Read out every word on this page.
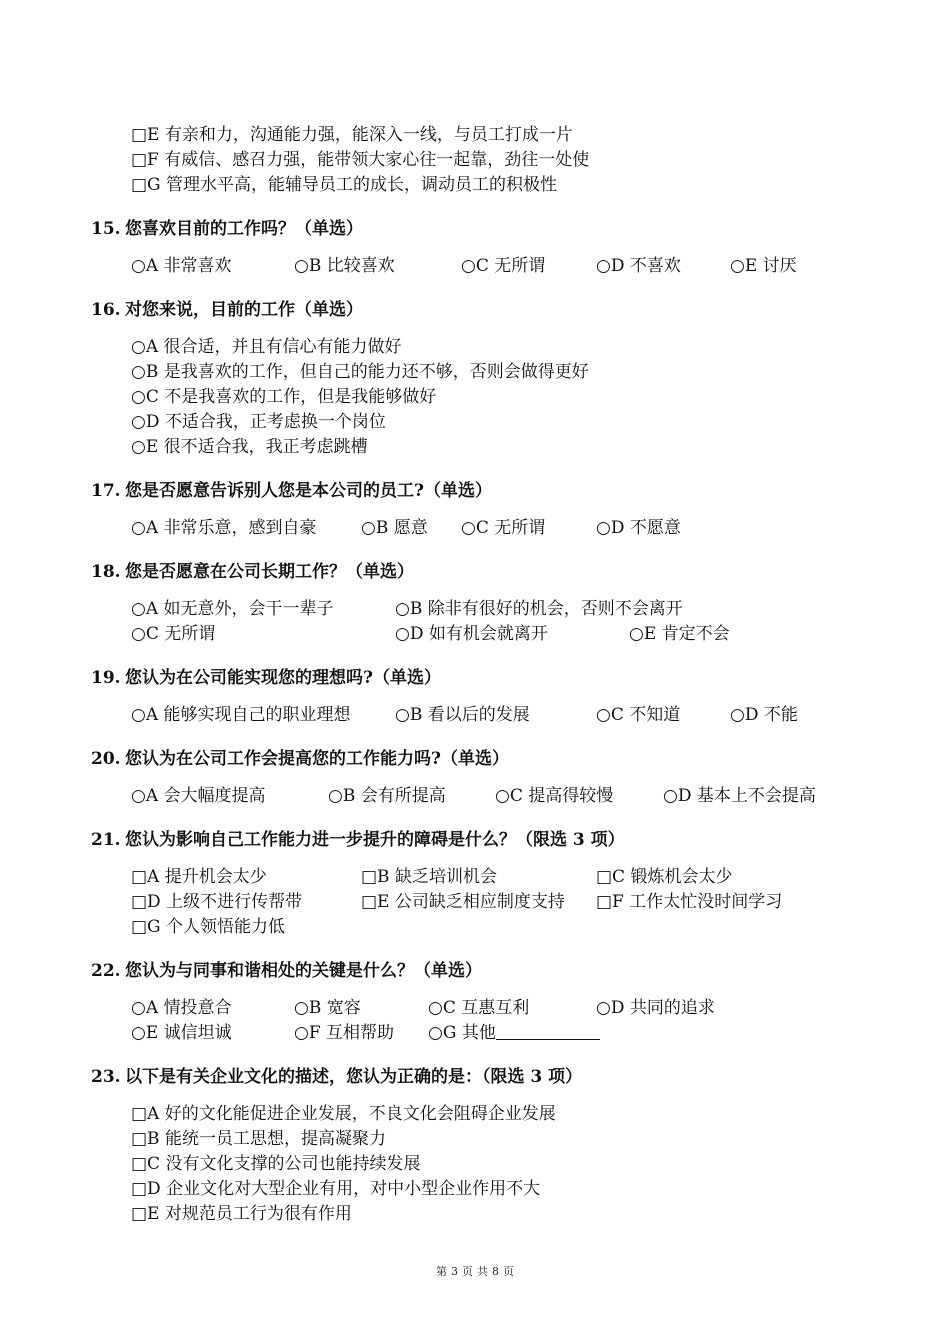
□E 有亲和力，沟通能力强，能深入一线，与员工打成一片
□F 有威信、感召力强，能带领大家心往一起靠，劲往一处使
□G 管理水平高，能辅导员工的成长，调动员工的积极性
15. 您喜欢目前的工作吗？（单选）
○A 非常喜欢	○B 比较喜欢	○C 无所谓	○D 不喜欢	○E 讨厌
16. 对您来说，目前的工作（单选）
○A 很合适，并且有信心有能力做好
○B 是我喜欢的工作，但自己的能力还不够，否则会做得更好
○C 不是我喜欢的工作，但是我能够做好
○D 不适合我，正考虑换一个岗位
○E 很不适合我，我正考虑跳槽
17. 您是否愿意告诉别人您是本公司的员工?（单选）
○A 非常乐意，感到自豪	○B 愿意 ○C 无所谓	○D 不愿意
18. 您是否愿意在公司长期工作？（单选）
○A 如无意外，会干一辈子	○B 除非有很好的机会，否则不会离开
○C 无所谓	○D 如有机会就离开	○E 肯定不会
19. 您认为在公司能实现您的理想吗?（单选）
○A 能够实现自己的职业理想	○B 看以后的发展	○C 不知道	○D 不能
20. 您认为在公司工作会提高您的工作能力吗?（单选）
○A 会大幅度提高	○B 会有所提高	○C 提高得较慢	○D 基本上不会提高
21. 您认为影响自己工作能力进一步提升的障碍是什么？（限选 3 项）
□A 提升机会太少	□B 缺乏培训机会	□C 锻炼机会太少
□D 上级不进行传帮带	□E 公司缺乏相应制度支持 □F 工作太忙没时间学习
□G 个人领悟能力低
22. 您认为与同事和谐相处的关键是什么？（单选）
○A 情投意合	○B 宽容	○C 互惠互利	○D 共同的追求
○E 诚信坦诚	○F 互相帮助 ○G 其他
23. 以下是有关企业文化的描述，您认为正确的是：（限选 3 项）
□A 好的文化能促进企业发展，不良文化会阻碍企业发展
□B 能统一员工思想，提高凝聚力
□C 没有文化支撑的公司也能持续发展
□D 企业文化对大型企业有用，对中小型企业作用不大
□E 对规范员工行为很有作用
第 3 页 共 8 页
